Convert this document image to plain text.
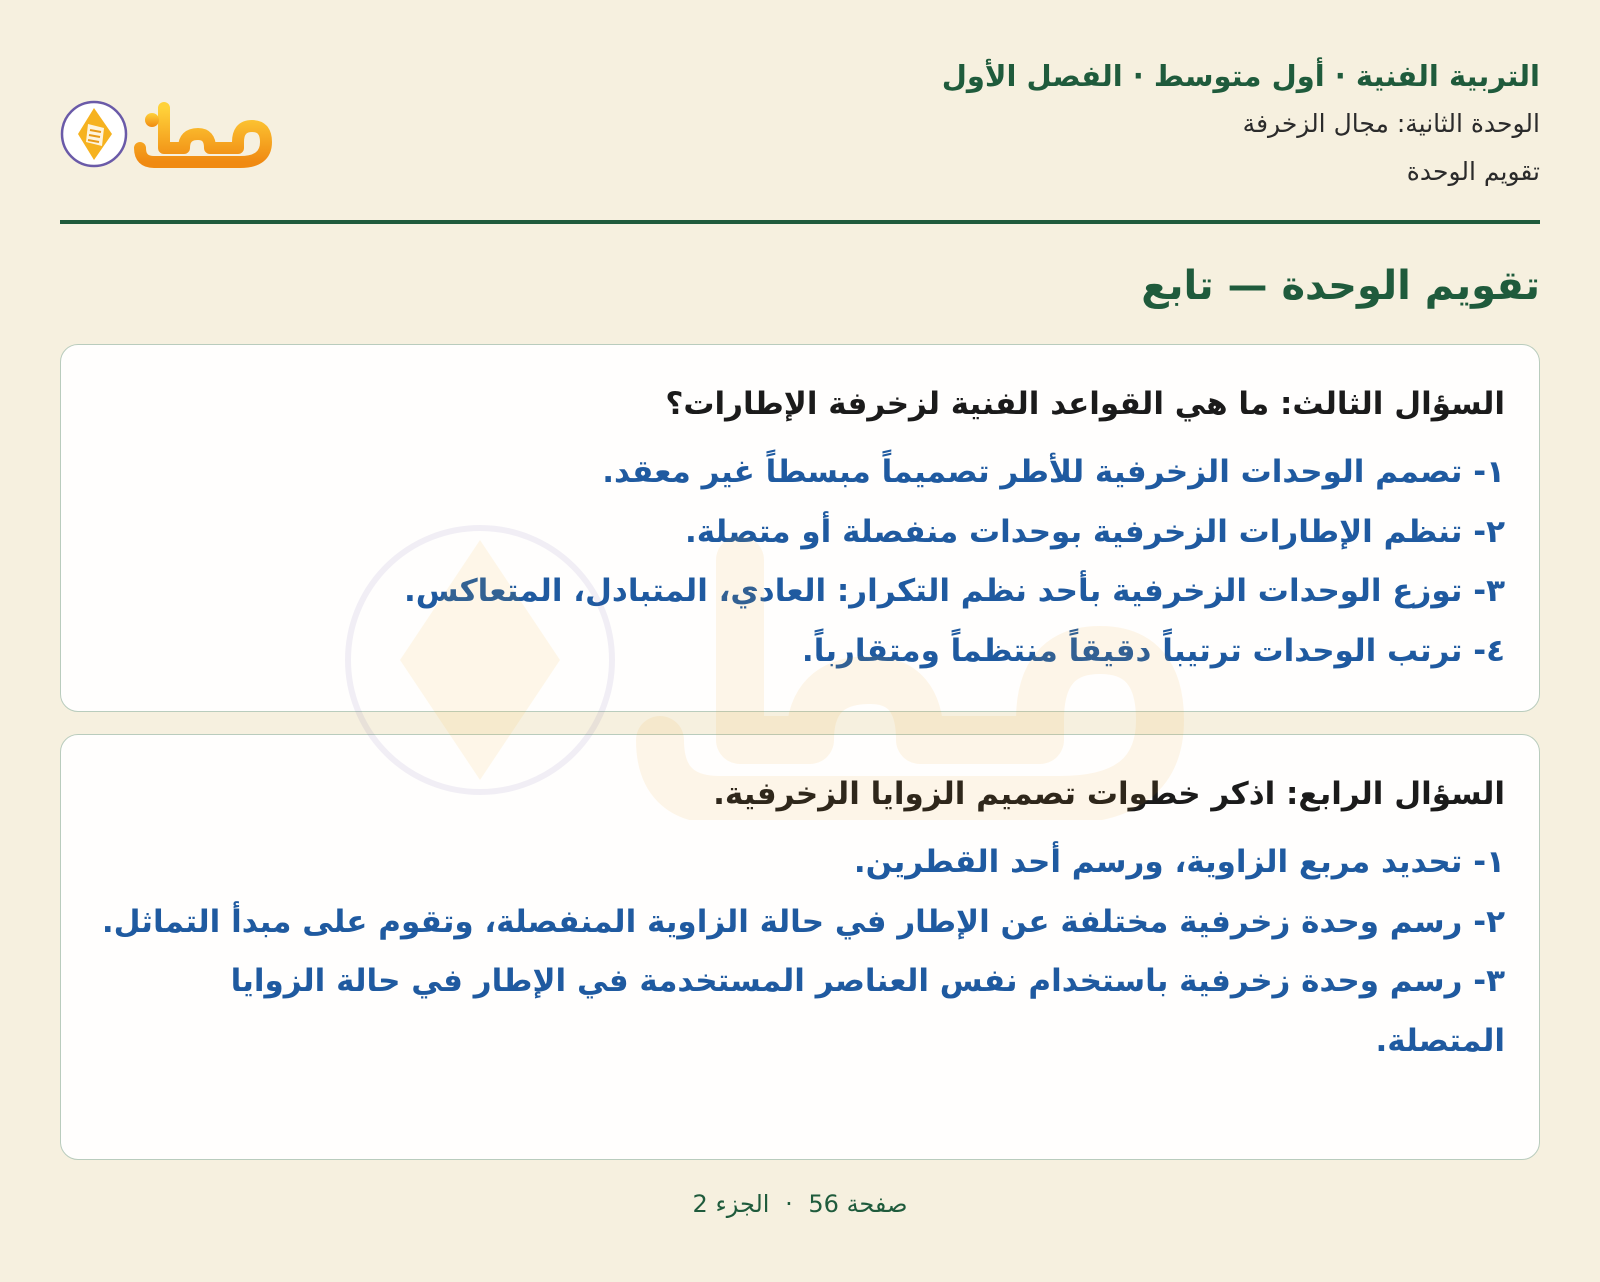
التربية الفنية · أول متوسط · الفصل الأول
الوحدة الثانية: مجال الزخرفة
تقويم الوحدة
تقويم الوحدة — تابع
السؤال الثالث: ما هي القواعد الفنية لزخرفة الإطارات؟
١- تصمم الوحدات الزخرفية للأطر تصميماً مبسطاً غير معقد.
٢- تنظم الإطارات الزخرفية بوحدات منفصلة أو متصلة.
٣- توزع الوحدات الزخرفية بأحد نظم التكرار: العادي، المتبادل، المتعاكس.
٤- ترتب الوحدات ترتيباً دقيقاً منتظماً ومتقارباً.
السؤال الرابع: اذكر خطوات تصميم الزوايا الزخرفية.
١- تحديد مربع الزاوية، ورسم أحد القطرين.
٢- رسم وحدة زخرفية مختلفة عن الإطار في حالة الزاوية المنفصلة، وتقوم على مبدأ التماثل.
٣- رسم وحدة زخرفية باستخدام نفس العناصر المستخدمة في الإطار في حالة الزوايا المتصلة.
صفحة 56 · الجزء 2
